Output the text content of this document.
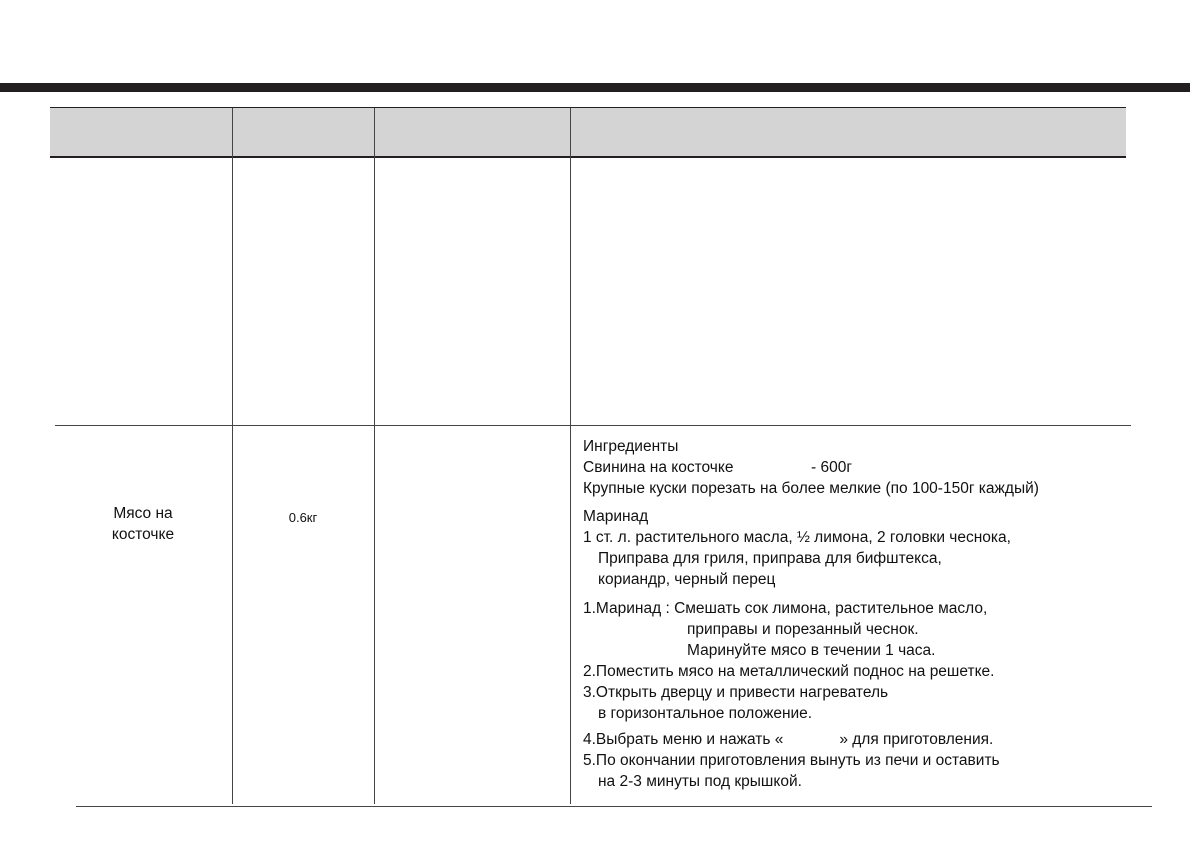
Мясо на
косточке
0.6кг
Ингредиенты
Свинина на косточке	- 600г
Крупные куски порезать на более мелкие (по 100-150г каждый)
Маринад
1 ст. л. растительного масла, ½ лимона, 2 головки чеснока,
Приправа для гриля, приправа для бифштекса,
кориандр, черный перец
1.Маринад : Смешать сок лимона, растительное масло,
приправы и порезанный чеснок.
Маринуйте мясо в течении 1 часа.
2.Поместить мясо на металлический поднос на решетке.
3.Открыть дверцу и привести нагреватель
в горизонтальное положение.
4.Выбрать меню и нажать «	» для приготовления.
5.По окончании приготовления вынуть из печи и оставить
на 2-3 минуты под крышкой.
